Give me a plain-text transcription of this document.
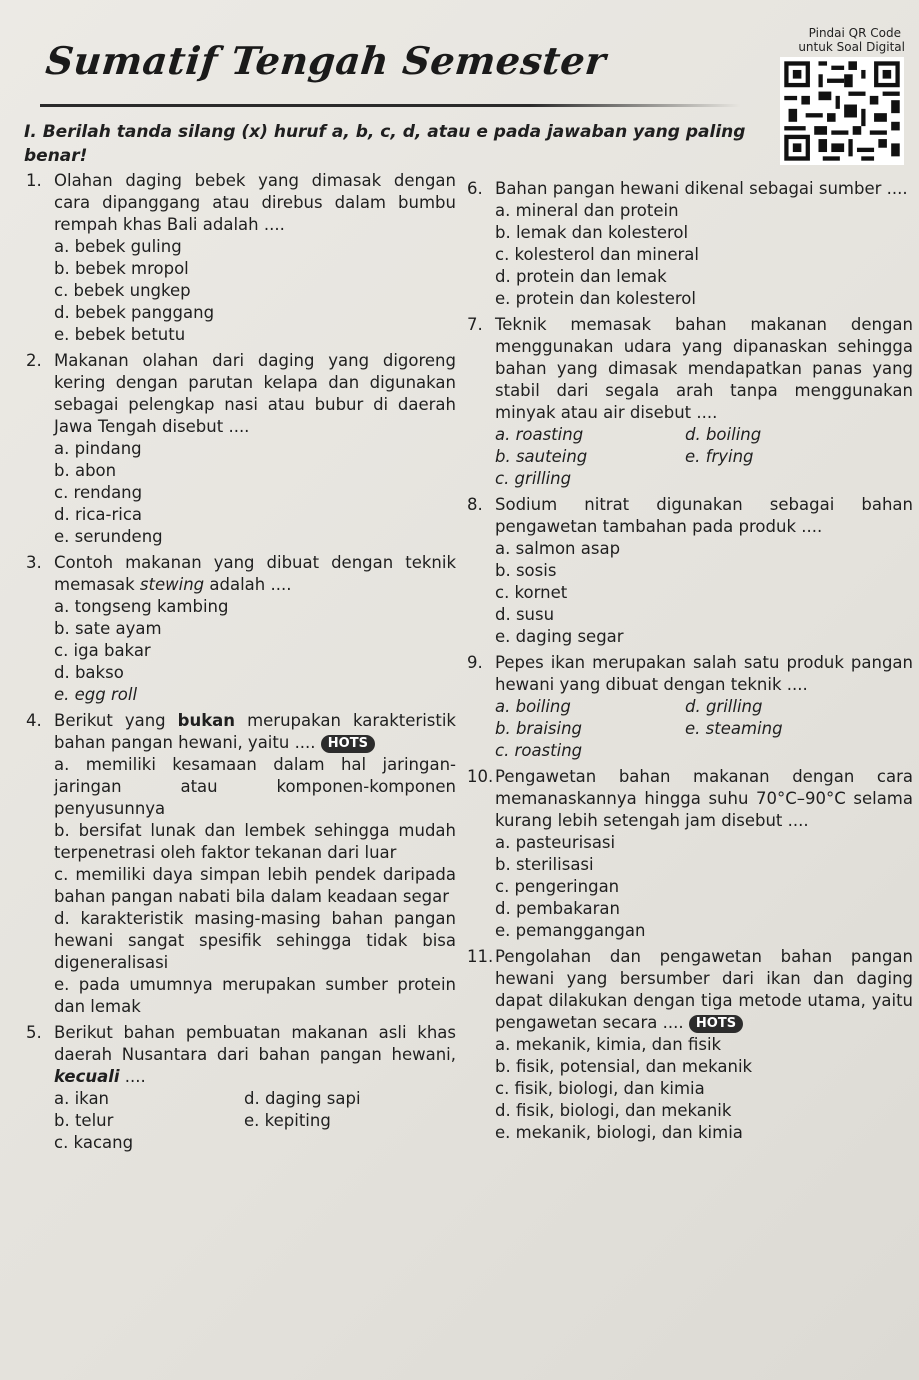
Sumatif Tengah Semester
Pindai QR Code
untuk Soal Digital
I. Berilah tanda silang (x) huruf a, b, c, d, atau e pada jawaban yang paling benar!
1. Olahan daging bebek yang dimasak dengan cara dipanggang atau direbus dalam bumbu rempah khas Bali adalah ....
a. bebek guling
b. bebek mropol
c. bebek ungkep
d. bebek panggang
e. bebek betutu
2. Makanan olahan dari daging yang digoreng kering dengan parutan kelapa dan digunakan sebagai pelengkap nasi atau bubur di daerah Jawa Tengah disebut ....
a. pindang
b. abon
c. rendang
d. rica-rica
e. serundeng
3. Contoh makanan yang dibuat dengan teknik memasak stewing adalah ....
a. tongseng kambing
b. sate ayam
c. iga bakar
d. bakso
e. egg roll
4. Berikut yang bukan merupakan karakteristik bahan pangan hewani, yaitu .... HOTS
a. memiliki kesamaan dalam hal jaringan-jaringan atau komponen-komponen penyusunnya
b. bersifat lunak dan lembek sehingga mudah terpenetrasi oleh faktor tekanan dari luar
c. memiliki daya simpan lebih pendek daripada bahan pangan nabati bila dalam keadaan segar
d. karakteristik masing-masing bahan pangan hewani sangat spesifik sehingga tidak bisa digeneralisasi
e. pada umumnya merupakan sumber protein dan lemak
5. Berikut bahan pembuatan makanan asli khas daerah Nusantara dari bahan pangan hewani, kecuali ....
a. ikan	d. daging sapi
b. telur	e. kepiting
c. kacang
6. Bahan pangan hewani dikenal sebagai sumber ....
a. mineral dan protein
b. lemak dan kolesterol
c. kolesterol dan mineral
d. protein dan lemak
e. protein dan kolesterol
7. Teknik memasak bahan makanan dengan menggunakan udara yang dipanaskan sehingga bahan yang dimasak mendapatkan panas yang stabil dari segala arah tanpa menggunakan minyak atau air disebut ....
a. roasting	d. boiling
b. sauteing	e. frying
c. grilling
8. Sodium nitrat digunakan sebagai bahan pengawetan tambahan pada produk ....
a. salmon asap
b. sosis
c. kornet
d. susu
e. daging segar
9. Pepes ikan merupakan salah satu produk pangan hewani yang dibuat dengan teknik ....
a. boiling	d. grilling
b. braising	e. steaming
c. roasting
10. Pengawetan bahan makanan dengan cara memanaskannya hingga suhu 70°C–90°C selama kurang lebih setengah jam disebut ....
a. pasteurisasi
b. sterilisasi
c. pengeringan
d. pembakaran
e. pemanggangan
11. Pengolahan dan pengawetan bahan pangan hewani yang bersumber dari ikan dan daging dapat dilakukan dengan tiga metode utama, yaitu pengawetan secara .... HOTS
a. mekanik, kimia, dan fisik
b. fisik, potensial, dan mekanik
c. fisik, biologi, dan kimia
d. fisik, biologi, dan mekanik
e. mekanik, biologi, dan kimia
